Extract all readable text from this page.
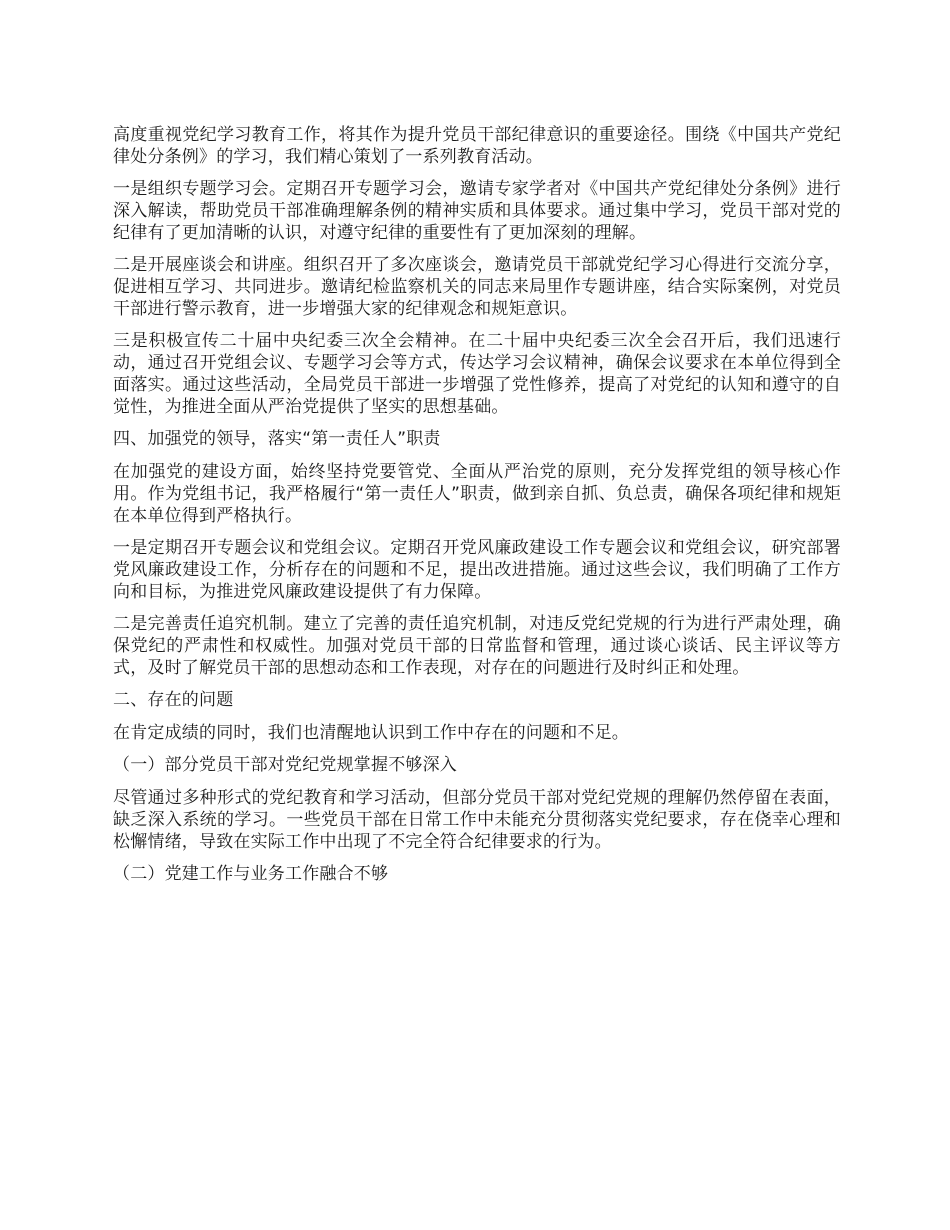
高度重视党纪学习教育工作，将其作为提升党员干部纪律意识的重要途径。围绕《中国共产党纪律处分条例》的学习，我们精心策划了一系列教育活动。

一是组织专题学习会。定期召开专题学习会，邀请专家学者对《中国共产党纪律处分条例》进行深入解读，帮助党员干部准确理解条例的精神实质和具体要求。通过集中学习，党员干部对党的纪律有了更加清晰的认识，对遵守纪律的重要性有了更加深刻的理解。

二是开展座谈会和讲座。组织召开了多次座谈会，邀请党员干部就党纪学习心得进行交流分享，促进相互学习、共同进步。邀请纪检监察机关的同志来局里作专题讲座，结合实际案例，对党员干部进行警示教育，进一步增强大家的纪律观念和规矩意识。

三是积极宣传二十届中央纪委三次全会精神。在二十届中央纪委三次全会召开后，我们迅速行动，通过召开党组会议、专题学习会等方式，传达学习会议精神，确保会议要求在本单位得到全面落实。通过这些活动，全局党员干部进一步增强了党性修养，提高了对党纪的认知和遵守的自觉性，为推进全面从严治党提供了坚实的思想基础。

四、加强党的领导，落实“第一责任人”职责

在加强党的建设方面，始终坚持党要管党、全面从严治党的原则，充分发挥党组的领导核心作用。作为党组书记，我严格履行“第一责任人”职责，做到亲自抓、负总责，确保各项纪律和规矩在本单位得到严格执行。

一是定期召开专题会议和党组会议。定期召开党风廉政建设工作专题会议和党组会议，研究部署党风廉政建设工作，分析存在的问题和不足，提出改进措施。通过这些会议，我们明确了工作方向和目标，为推进党风廉政建设提供了有力保障。

二是完善责任追究机制。建立了完善的责任追究机制，对违反党纪党规的行为进行严肃处理，确保党纪的严肃性和权威性。加强对党员干部的日常监督和管理，通过谈心谈话、民主评议等方式，及时了解党员干部的思想动态和工作表现，对存在的问题进行及时纠正和处理。

二、存在的问题

在肯定成绩的同时，我们也清醒地认识到工作中存在的问题和不足。

（一）部分党员干部对党纪党规掌握不够深入

尽管通过多种形式的党纪教育和学习活动，但部分党员干部对党纪党规的理解仍然停留在表面，缺乏深入系统的学习。一些党员干部在日常工作中未能充分贯彻落实党纪要求，存在侥幸心理和松懈情绪，导致在实际工作中出现了不完全符合纪律要求的行为。

（二）党建工作与业务工作融合不够
